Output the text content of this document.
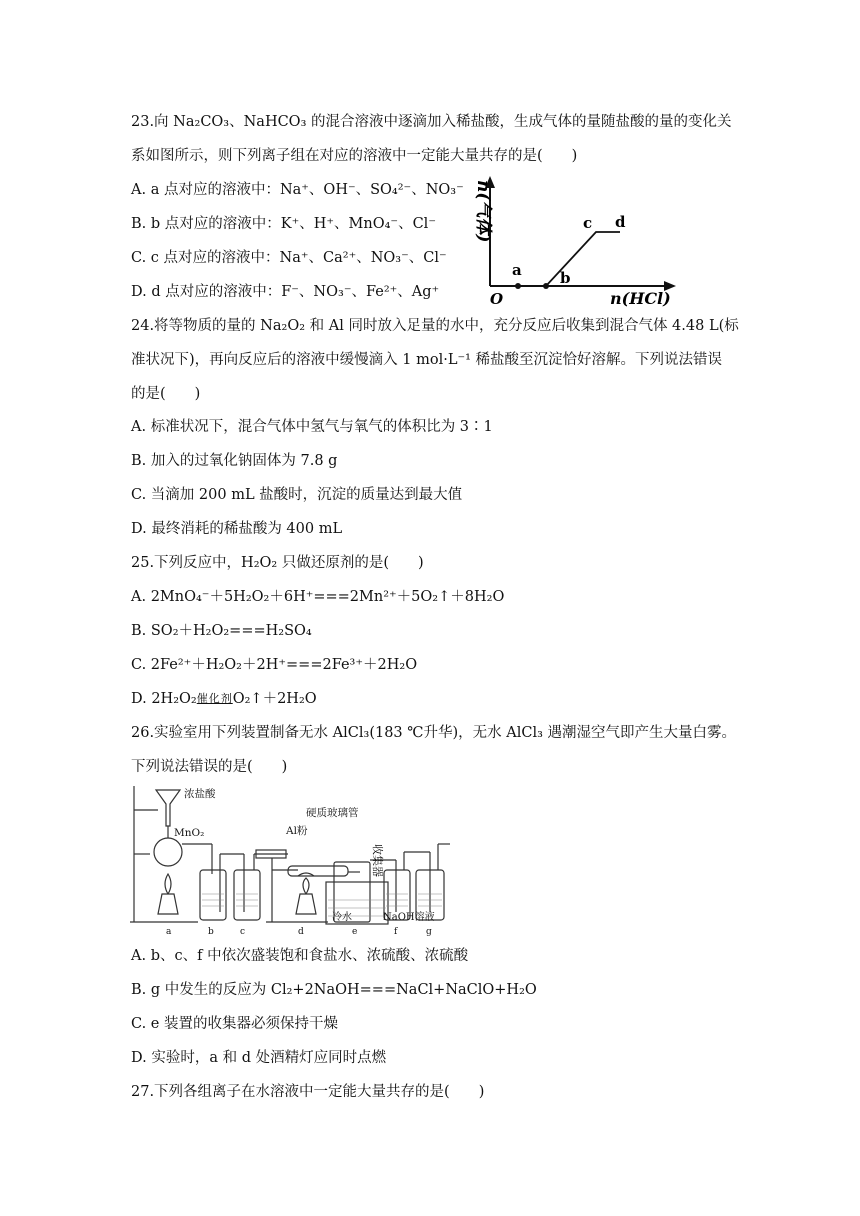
23.向 Na₂CO₃、NaHCO₃ 的混合溶液中逐滴加入稀盐酸，生成气体的量随盐酸的量的变化关
系如图所示，则下列离子组在对应的溶液中一定能大量共存的是(　　)
A. a 点对应的溶液中：Na⁺、OH⁻、SO₄²⁻、NO₃⁻
B. b 点对应的溶液中：K⁺、H⁺、MnO₄⁻、Cl⁻
C. c 点对应的溶液中：Na⁺、Ca²⁺、NO₃⁻、Cl⁻
D. d 点对应的溶液中：F⁻、NO₃⁻、Fe²⁺、Ag⁺
n(气体)
O
a	b
c d
n(HCl)
24.将等物质的量的 Na₂O₂ 和 Al 同时放入足量的水中，充分反应后收集到混合气体 4.48 L(标
准状况下)，再向反应后的溶液中缓慢滴入 1 mol·L⁻¹ 稀盐酸至沉淀恰好溶解。下列说法错误
的是(　　)
A. 标准状况下，混合气体中氢气与氧气的体积比为 3∶1
B. 加入的过氧化钠固体为 7.8 g
C. 当滴加 200 mL 盐酸时，沉淀的质量达到最大值
D. 最终消耗的稀盐酸为 400 mL
25.下列反应中，H₂O₂ 只做还原剂的是(　　)
A. 2MnO₄⁻＋5H₂O₂＋6H⁺===2Mn²⁺＋5O₂↑＋8H₂O
B. SO₂＋H₂O₂===H₂SO₄
C. 2Fe²⁺＋H₂O₂＋2H⁺===2Fe³⁺＋2H₂O
D. 2H₂O₂催化剂O₂↑＋2H₂O
26.实验室用下列装置制备无水 AlCl₃(183 ℃升华)，无水 AlCl₃ 遇潮湿空气即产生大量白雾。
下列说法错误的是(　　)
浓盐酸
MnO₂
硬质玻璃管
Al粉
收集器
冷水	NaOH溶液
a	b	c	d	e	f	g
A. b、c、f 中依次盛装饱和食盐水、浓硫酸、浓硫酸
B. g 中发生的反应为 Cl₂+2NaOH===NaCl+NaClO+H₂O
C. e 装置的收集器必须保持干燥
D. 实验时，a 和 d 处酒精灯应同时点燃
27.下列各组离子在水溶液中一定能大量共存的是(　　)
